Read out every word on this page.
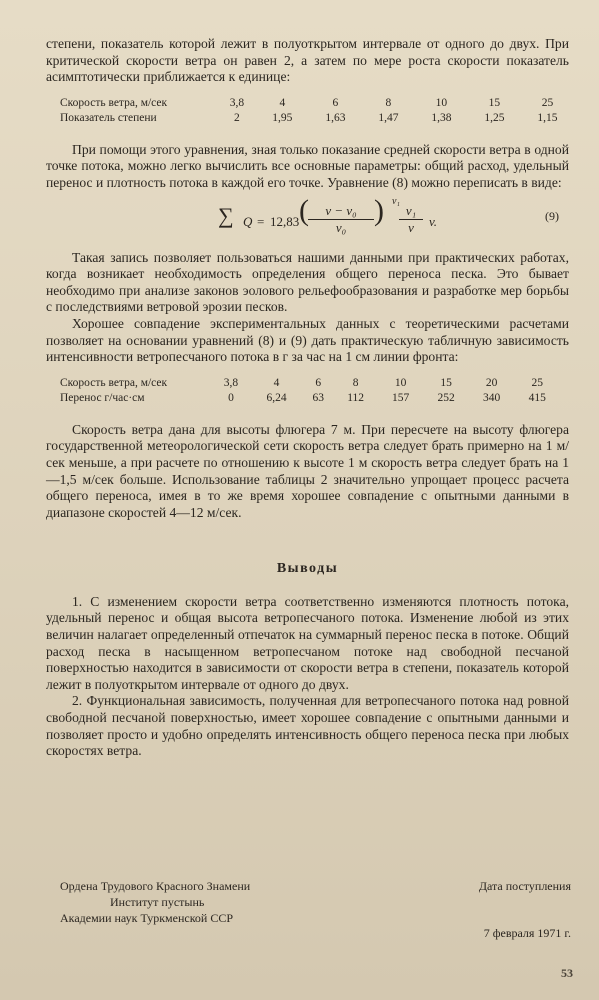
степени, показатель которой лежит в полуоткрытом интервале от одного до двух. При критической скорости ветра он равен 2, а затем по мере роста скорости показатель асимптотически приближается к единице:

Скорость ветра, м/сек	3,8	4	6	8	10	15	25
Показатель степени	2	1,95	1,63	1,47	1,38	1,25	1,15

При помощи этого уравнения, зная только показание средней скорости ветра в одной точке потока, можно легко вычислить все основные параметры: общий расход, удельный перенос и плотность потока в каждой его точке. Уравнение (8) можно переписать в виде:

∑ Q = 12,83 ( $\frac{\text{v − v₀}}{\text{v₀}}$ ) v₁
$\frac{\text{v₁}}{v} v$.	(9)

Такая запись позволяет пользоваться нашими данными при практических работах, когда возникает необходимость определения общего переноса песка. Это бывает необходимо при анализе законов эолового рельефообразования и разработке мер борьбы с последствиями ветровой эрозии песков.

Хорошее совпадение экспериментальных данных с теоретическими расчетами позволяет на основании уравнений (8) и (9) дать практическую табличную зависимость интенсивности ветропесчаного потока в г за час на 1 см линии фронта:

Скорость ветра, м/сек	3,8	4	6	8	10	15	20	25
Перенос г/час·см	0	6,24	63	112	157	252	340	415

Скорость ветра дана для высоты флюгера 7 м. При пересчете на высоту флюгера государственной метеорологической сети скорость ветра следует брать примерно на 1 м/сек меньше, а при расчете по отношению к высоте 1 м скорость ветра следует брать на 1—1,5 м/сек больше. Использование таблицы 2 значительно упрощает процесс расчета общего переноса, имея в то же время хорошее совпадение с опытными данными в диапазоне скоростей 4—12 м/сек.

Выводы

1. С изменением скорости ветра соответственно изменяются плотность потока, удельный перенос и общая высота ветропесчаного потока. Изменение любой из этих величин налагает определенный отпечаток на суммарный перенос песка в потоке. Общий расход песка в насыщенном ветропесчаном потоке над свободной песчаной поверхностью находится в зависимости от скорости ветра в степени, показатель которой лежит в полуоткрытом интервале от одного до двух.

2. Функциональная зависимость, полученная для ветропесчаного потока над ровной свободной песчаной поверхностью, имеет хорошее совпадение с опытными данными и позволяет просто и удобно определять интенсивность общего переноса песка при любых скоростях ветра.

Ордена Трудового Красного Знамени
Институт пустынь
Академии наук Туркменской ССР
Дата поступления
7 февраля 1971 г.
53
